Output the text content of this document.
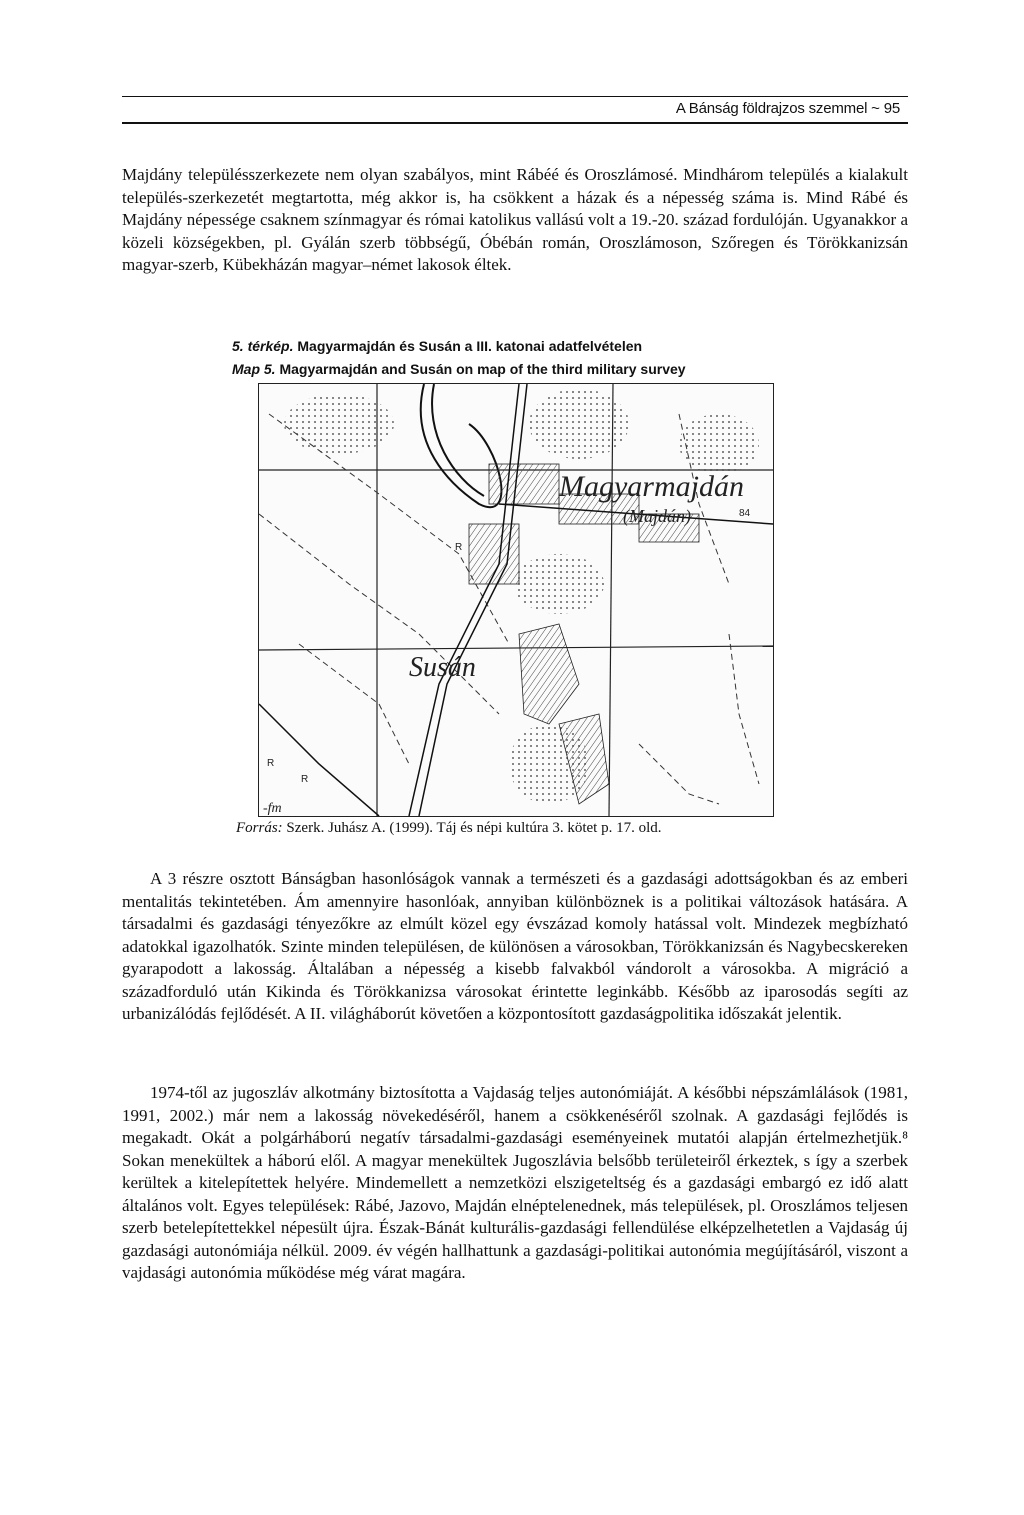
A Bánság földrajzos szemmel ~ 95

Majdány településszerkezete nem olyan szabályos, mint Rábéé és Oroszlámosé. Mindhárom település a kialakult település-szerkezetét megtartotta, még akkor is, ha csökkent a házak és a népesség száma is. Mind Rábé és Majdány népessége csaknem színmagyar és római katolikus vallású volt a 19.-20. század fordulóján. Ugyanakkor a közeli községekben, pl. Gyálán szerb többségű, Óbébán román, Oroszlámoson, Szőregen és Törökkanizsán magyar-szerb, Kübekházán magyar–német lakosok éltek.

5. térkép. Magyarmajdán és Susán a III. katonai adatfelvételen
Map 5. Magyarmajdán and Susán on map of the third military survey
Magyarmajdán
(Majdán)
Susán
R
R
R
-fm
84
Forrás: Szerk. Juhász A. (1999). Táj és népi kultúra 3. kötet p. 17. old.

A 3 részre osztott Bánságban hasonlóságok vannak a természeti és a gazdasági adottságokban és az emberi mentalitás tekintetében. Ám amennyire hasonlóak, annyiban különböznek is a politikai változások hatására. A társadalmi és gazdasági tényezőkre az elmúlt közel egy évszázad komoly hatással volt. Mindezek megbízható adatokkal igazolhatók. Szinte minden településen, de különösen a városokban, Törökkanizsán és Nagybecskereken gyarapodott a lakosság. Általában a népesség a kisebb falvakból vándorolt a városokba. A migráció a századforduló után Kikinda és Törökkanizsa városokat érintette leginkább. Később az iparosodás segíti az urbanizálódás fejlődését. A II. világháborút követően a központosított gazdaságpolitika időszakát jelentik.

1974-től az jugoszláv alkotmány biztosította a Vajdaság teljes autonómiáját. A későbbi népszámlálások (1981, 1991, 2002.) már nem a lakosság növekedéséről, hanem a csökkenéséről szolnak. A gazdasági fejlődés is megakadt. Okát a polgárháború negatív társadalmi-gazdasági eseményeinek mutatói alapján értelmezhetjük.⁸ Sokan menekültek a háború elől. A magyar menekültek Jugoszlávia belsőbb területeiről érkeztek, s így a szerbek kerültek a kitelepítettek helyére. Mindemellett a nemzetközi elszigeteltség és a gazdasági embargó ez idő alatt általános volt. Egyes települések: Rábé, Jazovo, Majdán elnéptelenednek, más települések, pl. Oroszlámos teljesen szerb betelepítettekkel népesült újra. Észak-Bánát kulturális-gazdasági fellendülése elképzelhetetlen a Vajdaság új gazdasági autonómiája nélkül. 2009. év végén hallhattunk a gazdasági-politikai autonómia megújításáról, viszont a vajdasági autonómia működése még várat magára.
